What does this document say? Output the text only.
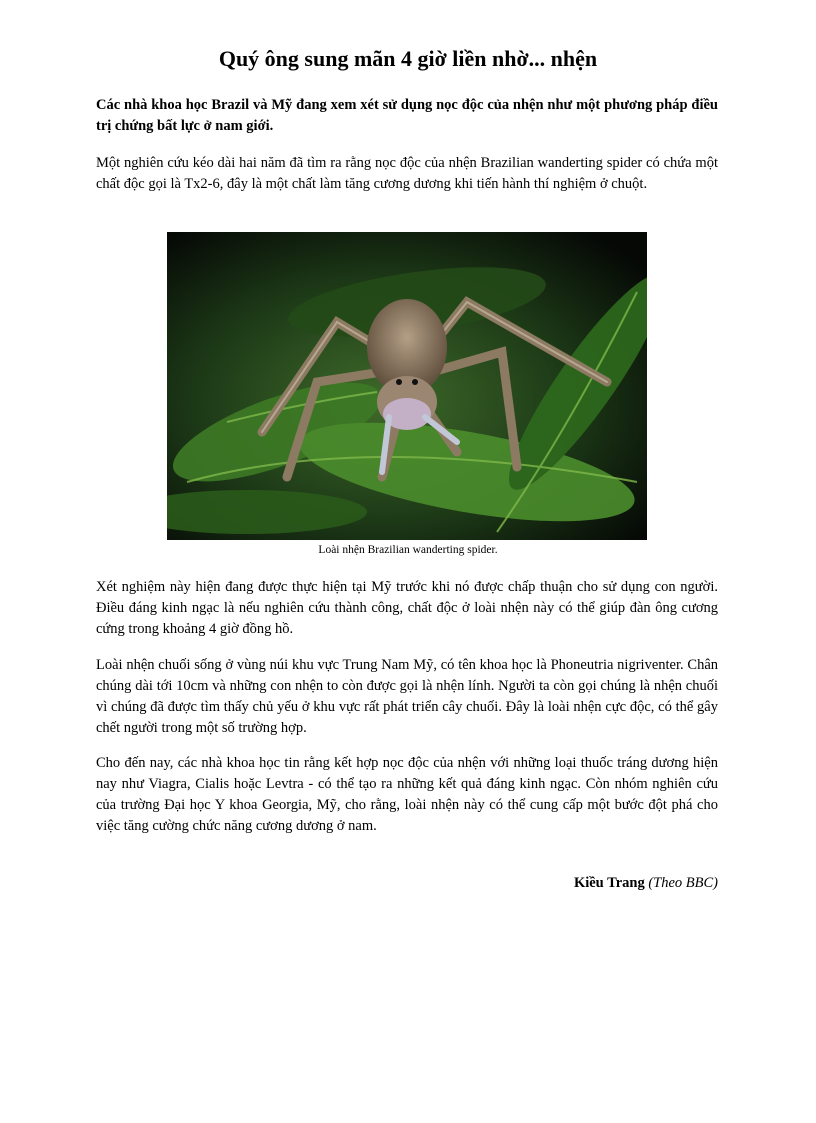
Quý ông sung mãn 4 giờ liền nhờ... nhện
Các nhà khoa học Brazil và Mỹ đang xem xét sử dụng nọc độc của nhện như một phương pháp điều trị chứng bất lực ở nam giới.
Một nghiên cứu kéo dài hai năm đã tìm ra rằng nọc độc của nhện Brazilian wanderting spider có chứa một chất độc gọi là Tx2-6, đây là một chất làm tăng cương dương khi tiến hành thí nghiệm ở chuột.
Loài nhện Brazilian wanderting spider.
Xét nghiệm này hiện đang được thực hiện tại Mỹ trước khi nó được chấp thuận cho sử dụng con người. Điều đáng kinh ngạc là nếu nghiên cứu thành công, chất độc ở loài nhện này có thể giúp đàn ông cương cứng trong khoảng 4 giờ đồng hồ.
Loài nhện chuối sống ở vùng núi khu vực Trung Nam Mỹ, có tên khoa học là Phoneutria nigriventer. Chân chúng dài tới 10cm và những con nhện to còn được gọi là nhện lính. Người ta còn gọi chúng là nhện chuối vì chúng đã được tìm thấy chủ yếu ở khu vực rất phát triển cây chuối. Đây là loài nhện cực độc, có thể gây chết người trong một số trường hợp.
Cho đến nay, các nhà khoa học tin rằng kết hợp nọc độc của nhện với những loại thuốc tráng dương hiện nay như Viagra, Cialis hoặc Levtra - có thể tạo ra những kết quả đáng kinh ngạc. Còn nhóm nghiên cứu của trường Đại học Y khoa Georgia, Mỹ, cho rằng, loài nhện này có thể cung cấp một bước đột phá cho việc tăng cường chức năng cương dương ở nam.
Kiều Trang (Theo BBC)
